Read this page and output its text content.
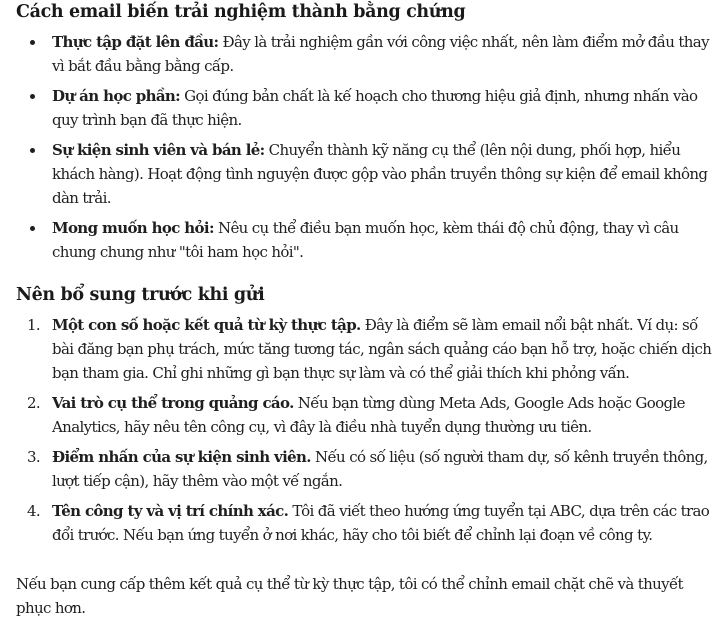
Cách email biến trải nghiệm thành bằng chứng
Thực tập đặt lên đầu: Đây là trải nghiệm gần với công việc nhất, nên làm điểm mở đầu thay vì bắt đầu bằng bằng cấp.
Dự án học phần: Gọi đúng bản chất là kế hoạch cho thương hiệu giả định, nhưng nhấn vào quy trình bạn đã thực hiện.
Sự kiện sinh viên và bán lẻ: Chuyển thành kỹ năng cụ thể (lên nội dung, phối hợp, hiểu khách hàng). Hoạt động tình nguyện được gộp vào phần truyền thông sự kiện để email không dàn trải.
Mong muốn học hỏi: Nêu cụ thể điều bạn muốn học, kèm thái độ chủ động, thay vì câu chung chung như "tôi ham học hỏi".
Nên bổ sung trước khi gửi
1. Một con số hoặc kết quả từ kỳ thực tập. Đây là điểm sẽ làm email nổi bật nhất. Ví dụ: số bài đăng bạn phụ trách, mức tăng tương tác, ngân sách quảng cáo bạn hỗ trợ, hoặc chiến dịch bạn tham gia. Chỉ ghi những gì bạn thực sự làm và có thể giải thích khi phỏng vấn.
2. Vai trò cụ thể trong quảng cáo. Nếu bạn từng dùng Meta Ads, Google Ads hoặc Google Analytics, hãy nêu tên công cụ, vì đây là điều nhà tuyển dụng thường ưu tiên.
3. Điểm nhấn của sự kiện sinh viên. Nếu có số liệu (số người tham dự, số kênh truyền thông, lượt tiếp cận), hãy thêm vào một vế ngắn.
4. Tên công ty và vị trí chính xác. Tôi đã viết theo hướng ứng tuyển tại ABC, dựa trên các trao đổi trước. Nếu bạn ứng tuyển ở nơi khác, hãy cho tôi biết để chỉnh lại đoạn về công ty.

Nếu bạn cung cấp thêm kết quả cụ thể từ kỳ thực tập, tôi có thể chỉnh email chặt chẽ và thuyết phục hơn.
